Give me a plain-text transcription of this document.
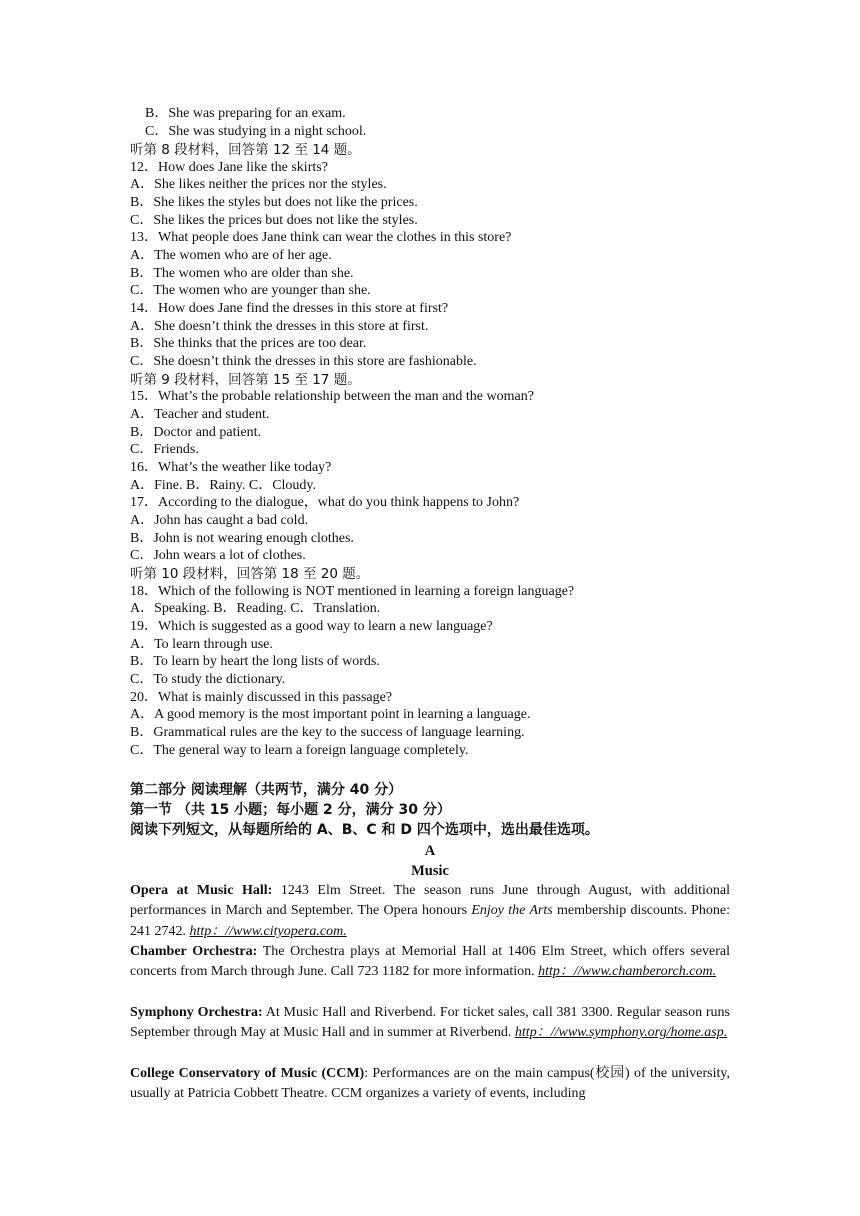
B．She was preparing for an exam.
C．She was studying in a night school.
听第 8 段材料，回答第 12 至 14 题。
12．How does Jane like the skirts?
A．She likes neither the prices nor the styles.
B．She likes the styles but does not like the prices.
C．She likes the prices but does not like the styles.
13．What people does Jane think can wear the clothes in this store?
A．The women who are of her age.
B．The women who are older than she.
C．The women who are younger than she.
14．How does Jane find the dresses in this store at first?
A．She doesn’t think the dresses in this store at first.
B．She thinks that the prices are too dear.
C．She doesn’t think the dresses in this store are fashionable.
听第 9 段材料，回答第 15 至 17 题。
15．What’s the probable relationship between the man and the woman?
A．Teacher and student.
B．Doctor and patient.
C．Friends.
16．What’s the weather like today?
A．Fine. B．Rainy. C．Cloudy.
17．According to the dialogue，what do you think happens to John?
A．John has caught a bad cold.
B．John is not wearing enough clothes.
C．John wears a lot of clothes.
听第 10 段材料，回答第 18 至 20 题。
18．Which of the following is NOT mentioned in learning a foreign language?
A．Speaking. B．Reading. C．Translation.
19．Which is suggested as a good way to learn a new language?
A．To learn through use.
B．To learn by heart the long lists of words.
C．To study the dictionary.
20．What is mainly discussed in this passage?
A．A good memory is the most important point in learning a language.
B．Grammatical rules are the key to the success of language learning.
C．The general way to learn a foreign language completely.
第二部分 阅读理解（共两节，满分 40 分）
第一节 （共 15 小题；每小题 2 分，满分 30 分）
阅读下列短文，从每题所给的 A、B、C 和 D 四个选项中，选出最佳选项。
A
Music
Opera at Music Hall: 1243 Elm Street. The season runs June through August, with additional performances in March and September. The Opera honours Enjoy the Arts membership discounts. Phone: 241 2742. http：//www.cityopera.com.
Chamber Orchestra: The Orchestra plays at Memorial Hall at 1406 Elm Street, which offers several concerts from March through June. Call 723 1182 for more information. http：//www.chamberorch.com.
Symphony Orchestra: At Music Hall and Riverbend. For ticket sales, call 381 3300. Regular season runs September through May at Music Hall and in summer at Riverbend. http：//www.symphony.org/home.asp.
College Conservatory of Music (CCM): Performances are on the main campus(校园) of the university, usually at Patricia Cobbett Theatre. CCM organizes a variety of events, including
